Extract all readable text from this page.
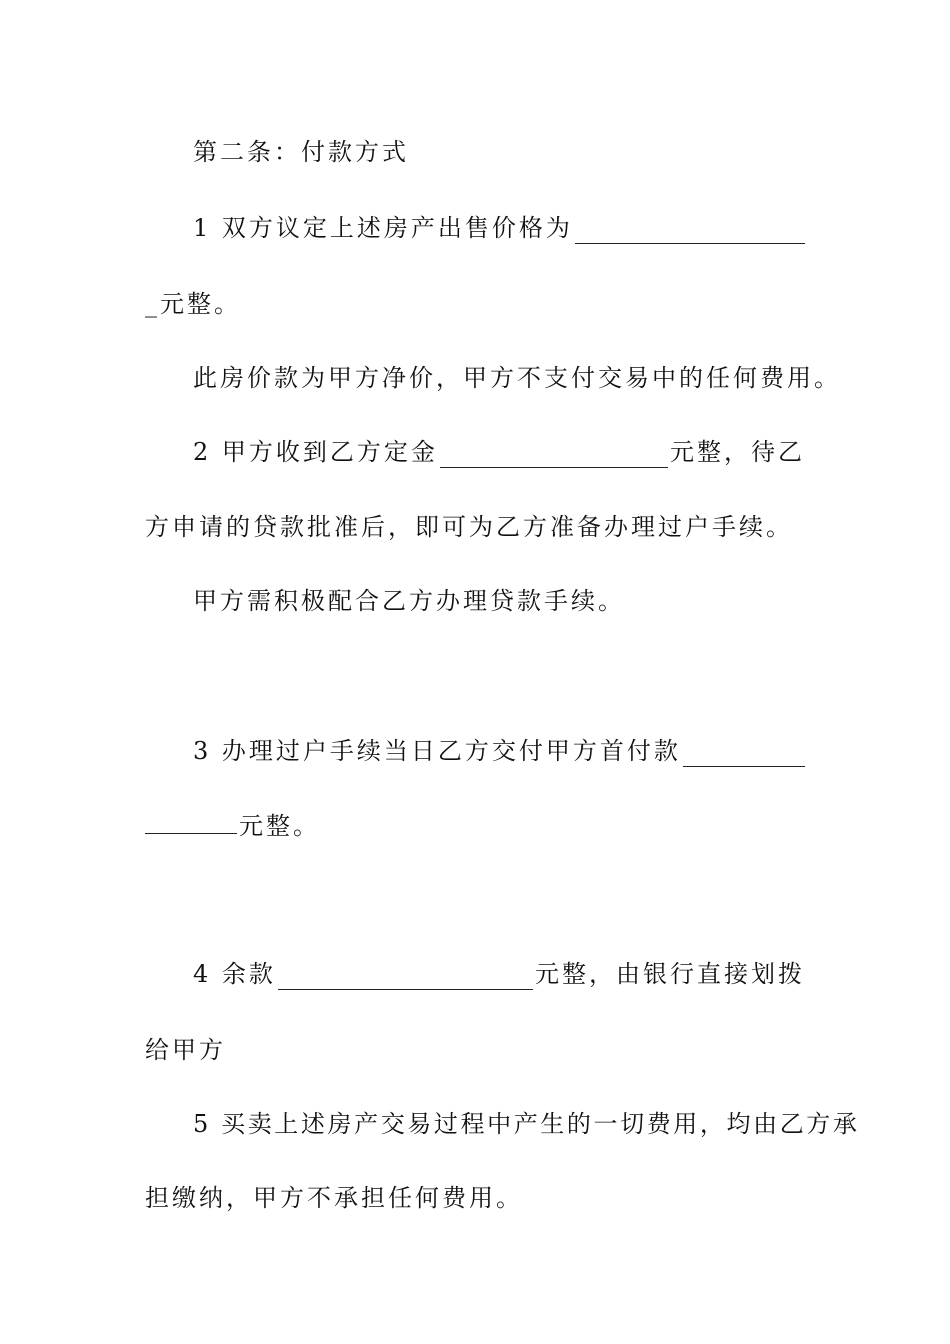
第二条：付款方式
1 双方议定上述房产出售价格为
_元整。
此房价款为甲方净价，甲方不支付交易中的任何费用。
2 甲方收到乙方定金	元整，待乙
方申请的贷款批准后，即可为乙方准备办理过户手续。
甲方需积极配合乙方办理贷款手续。
3 办理过户手续当日乙方交付甲方首付款
元整。
4 余款	元整，由银行直接划拨
给甲方
5 买卖上述房产交易过程中产生的一切费用，均由乙方承
担缴纳，甲方不承担任何费用。
